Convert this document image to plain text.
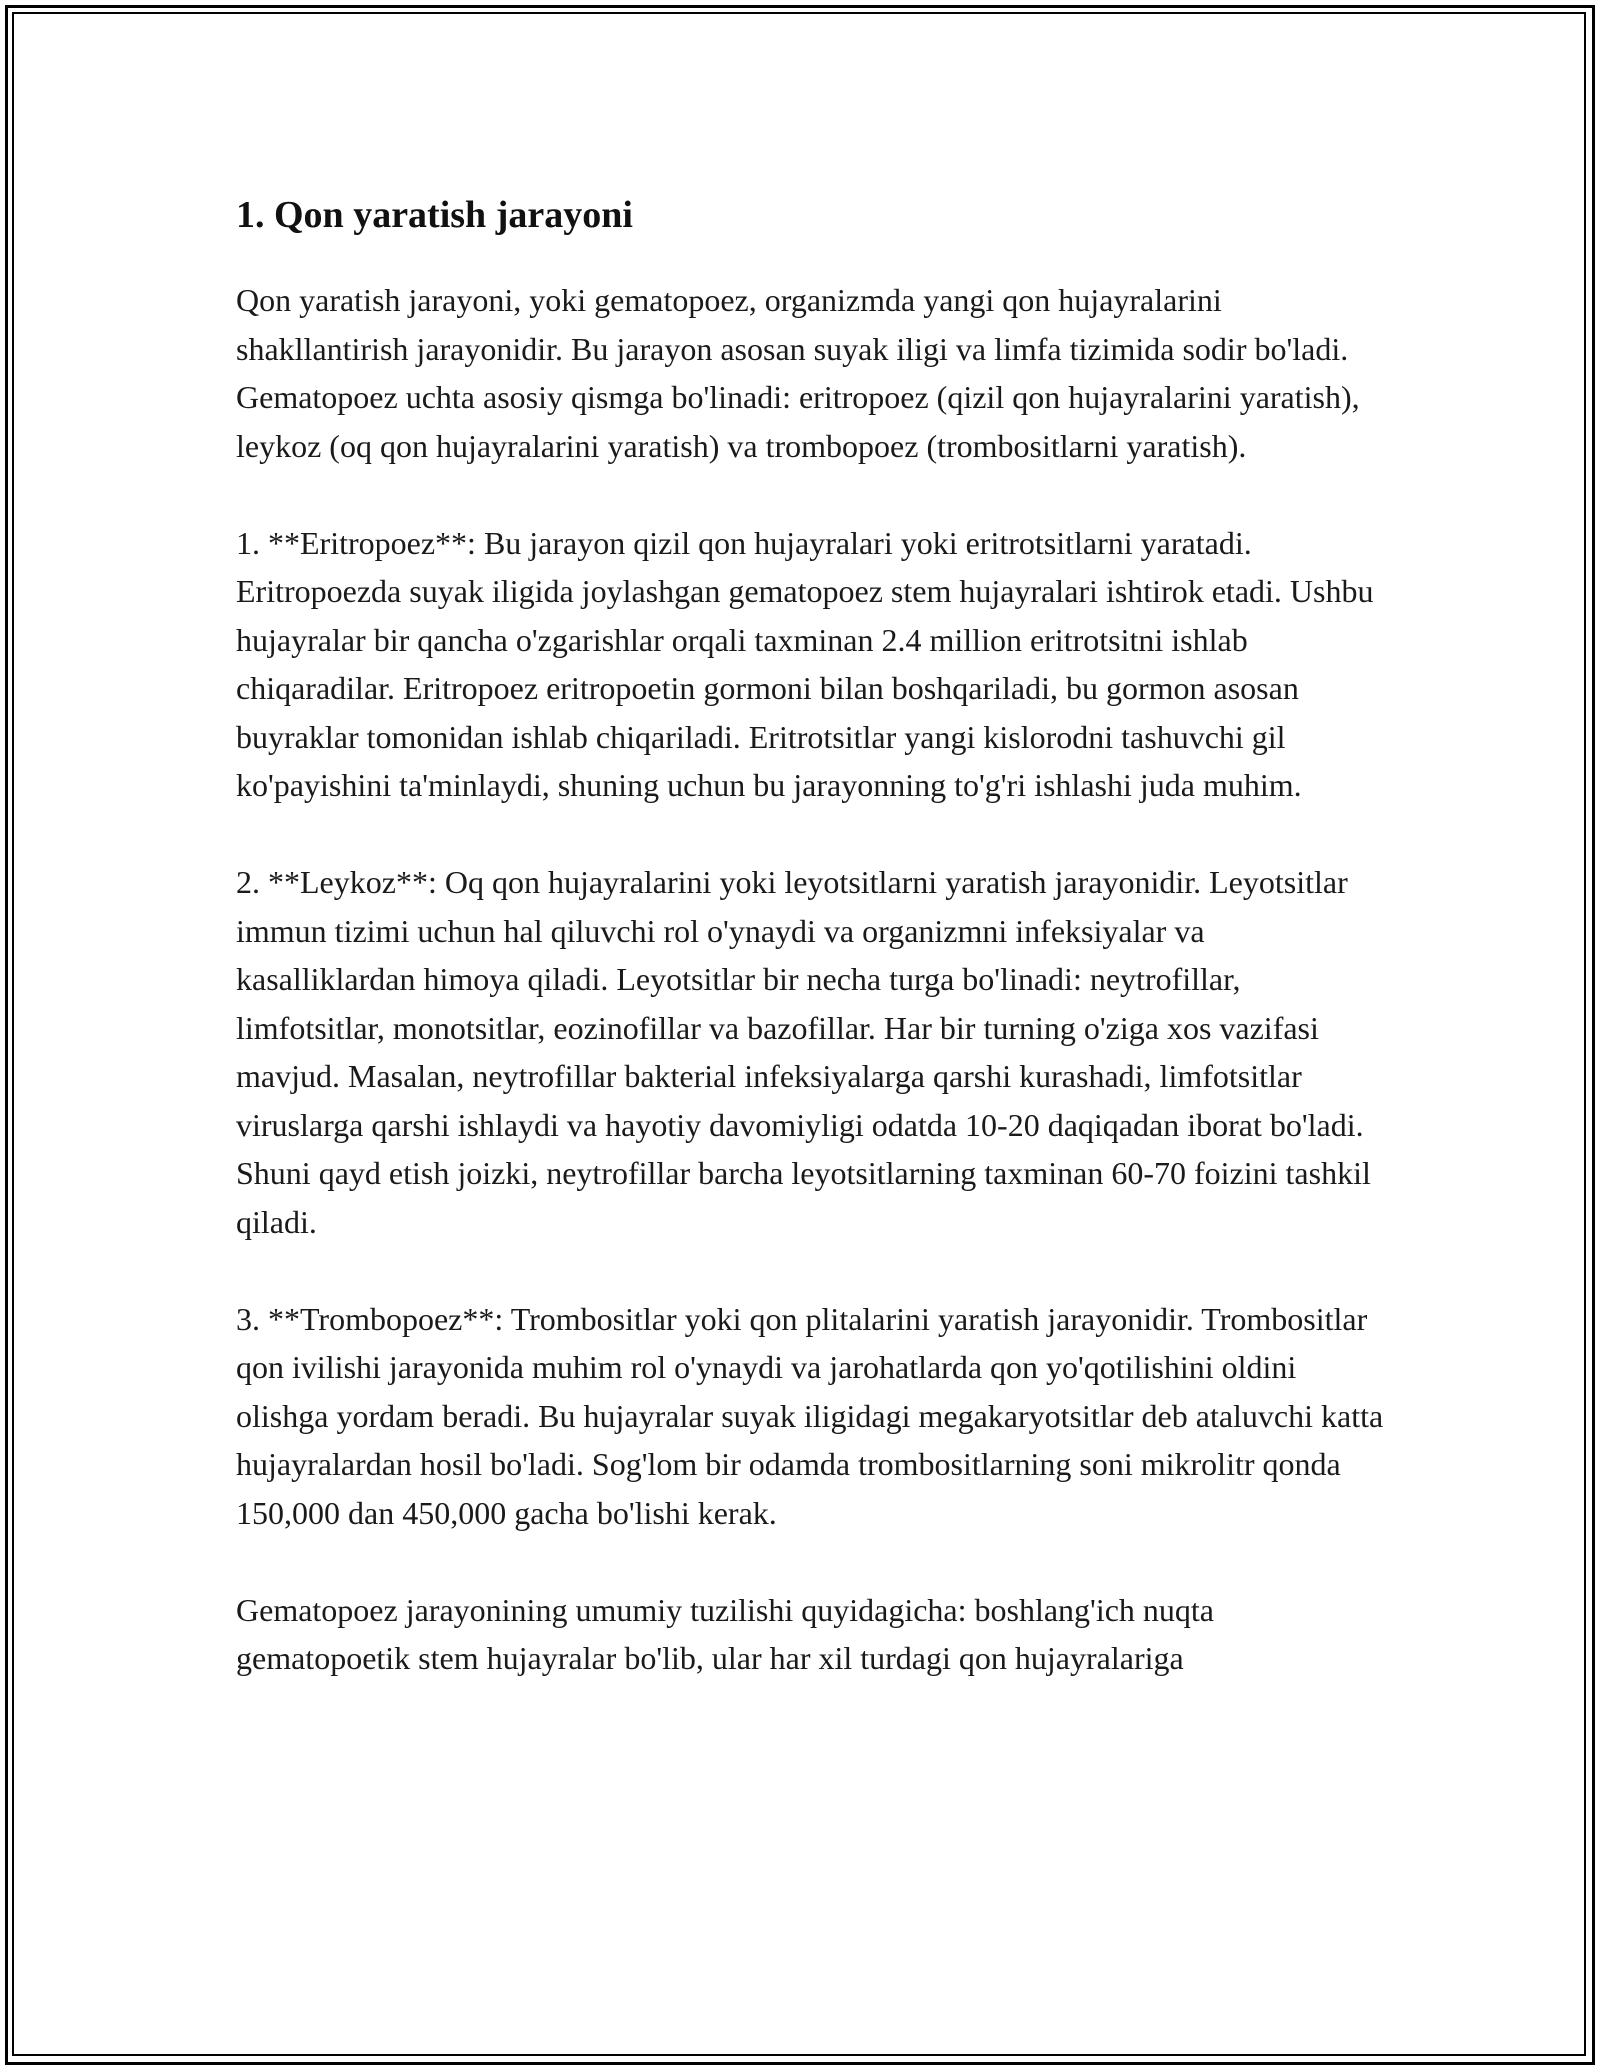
1. Qon yaratish jarayoni

Qon yaratish jarayoni, yoki gematopoez, organizmda yangi qon hujayralarini shakllantirish jarayonidir. Bu jarayon asosan suyak iligi va limfa tizimida sodir bo'ladi. Gematopoez uchta asosiy qismga bo'linadi: eritropoez (qizil qon hujayralarini yaratish), leykoz (oq qon hujayralarini yaratish) va trombopoez (trombositlarni yaratish).

1. **Eritropoez**: Bu jarayon qizil qon hujayralari yoki eritrotsitlarni yaratadi. Eritropoezda suyak iligida joylashgan gematopoez stem hujayralari ishtirok etadi. Ushbu hujayralar bir qancha o'zgarishlar orqali taxminan 2.4 million eritrotsitni ishlab chiqaradilar. Eritropoez eritropoetin gormoni bilan boshqariladi, bu gormon asosan buyraklar tomonidan ishlab chiqariladi. Eritrotsitlar yangi kislorodni tashuvchi gil ko'payishini ta'minlaydi, shuning uchun bu jarayonning to'g'ri ishlashi juda muhim.

2. **Leykoz**: Oq qon hujayralarini yoki leyotsitlarni yaratish jarayonidir. Leyotsitlar immun tizimi uchun hal qiluvchi rol o'ynaydi va organizmni infeksiyalar va kasalliklardan himoya qiladi. Leyotsitlar bir necha turga bo'linadi: neytrofillar, limfotsitlar, monotsitlar, eozinofillar va bazofillar. Har bir turning o'ziga xos vazifasi mavjud. Masalan, neytrofillar bakterial infeksiyalarga qarshi kurashadi, limfotsitlar viruslarga qarshi ishlaydi va hayotiy davomiyligi odatda 10-20 daqiqadan iborat bo'ladi. Shuni qayd etish joizki, neytrofillar barcha leyotsitlarning taxminan 60-70 foizini tashkil qiladi.

3. **Trombopoez**: Trombositlar yoki qon plitalarini yaratish jarayonidir. Trombositlar qon ivilishi jarayonida muhim rol o'ynaydi va jarohatlarda qon yo'qotilishini oldini olishga yordam beradi. Bu hujayralar suyak iligidagi megakaryotsitlar deb ataluvchi katta hujayralardan hosil bo'ladi. Sog'lom bir odamda trombositlarning soni mikrolitr qonda 150,000 dan 450,000 gacha bo'lishi kerak.

Gematopoez jarayonining umumiy tuzilishi quyidagicha: boshlang'ich nuqta gematopoetik stem hujayralar bo'lib, ular har xil turdagi qon hujayralariga
